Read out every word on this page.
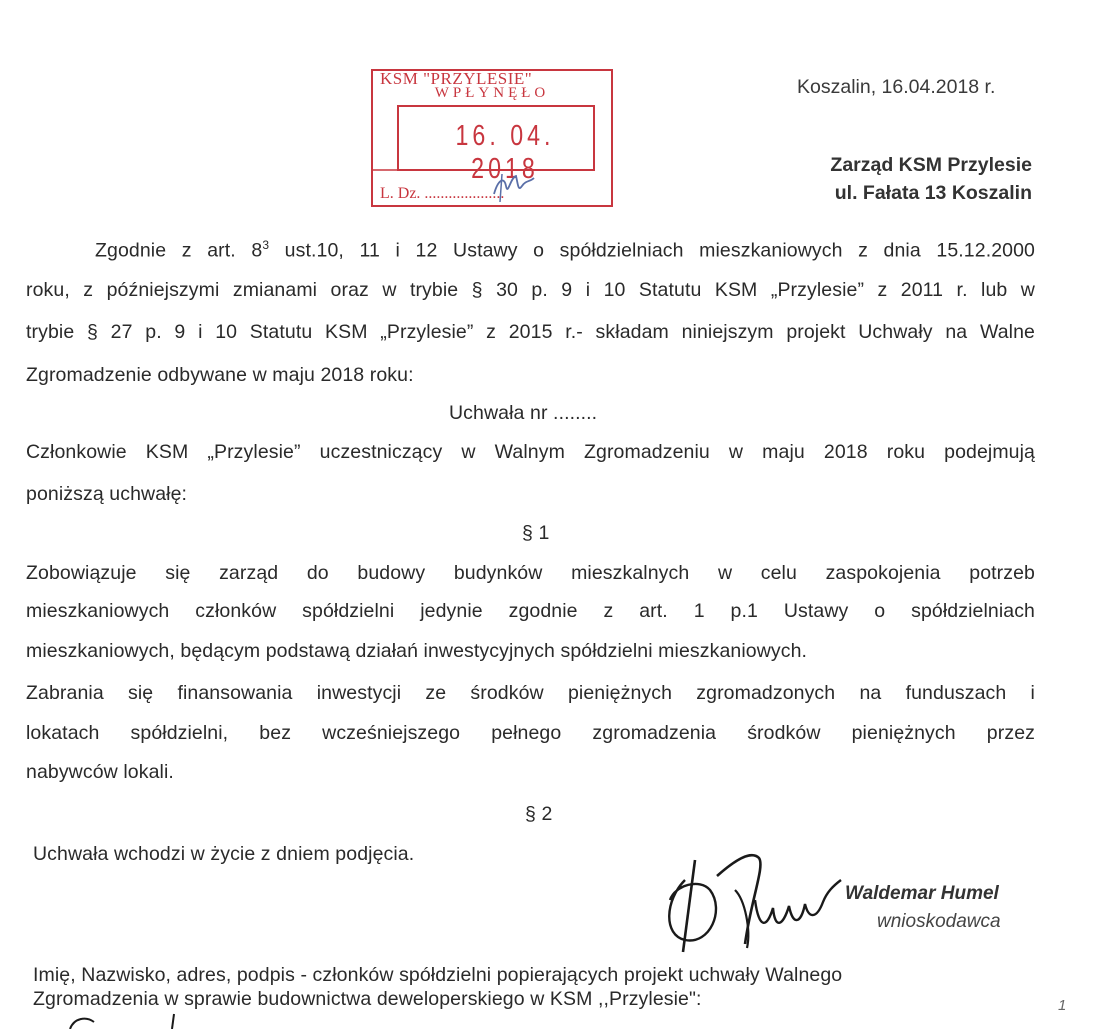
KSM "PRZYLESIE"
WPŁYNĘŁO
16. 04. 2018
L. Dz. ....................
Koszalin, 16.04.2018 r.
Zarząd KSM Przylesie
ul. Fałata 13 Koszalin
Zgodnie z art. $8^3$ ust.10, 11 i 12 Ustawy o spółdzielniach mieszkaniowych z dnia 15.12.2000
roku, z późniejszymi zmianami oraz w trybie § 30 p. 9 i 10 Statutu KSM „Przylesie” z 2011 r. lub w
trybie § 27 p. 9 i 10 Statutu KSM „Przylesie” z 2015 r.- składam niniejszym projekt Uchwały na Walne
Zgromadzenie odbywane w maju 2018 roku:
Uchwała nr ........
Członkowie KSM „Przylesie” uczestniczący w Walnym Zgromadzeniu w maju 2018 roku podejmują
poniższą uchwałę:
§ 1
Zobowiązuje się zarząd do budowy budynków mieszkalnych w celu zaspokojenia potrzeb
mieszkaniowych członków spółdzielni jedynie zgodnie z art. 1 p.1 Ustawy o spółdzielniach
mieszkaniowych, będącym podstawą działań inwestycyjnych spółdzielni mieszkaniowych.
Zabrania się finansowania inwestycji ze środków pieniężnych zgromadzonych na funduszach i
lokatach spółdzielni, bez wcześniejszego pełnego zgromadzenia środków pieniężnych przez
nabywców lokali.
§ 2
Uchwała wchodzi w życie z dniem podjęcia.
Waldemar Humel
wnioskodawca
Imię, Nazwisko, adres, podpis - członków spółdzielni popierających projekt uchwały Walnego
Zgromadzenia w sprawie budownictwa deweloperskiego w KSM ,,Przylesie":	1
